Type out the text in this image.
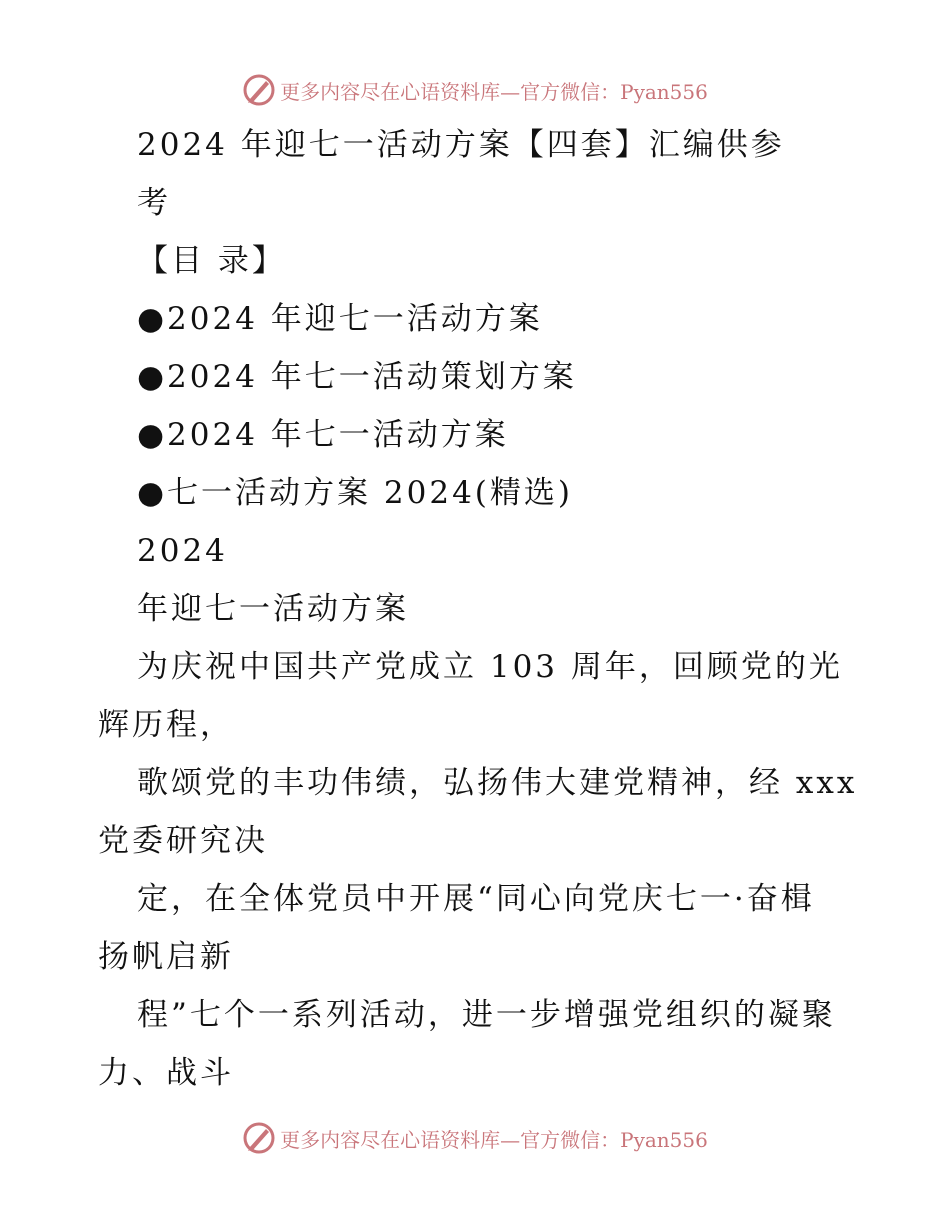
更多内容尽在心语资料库—官方微信：Pyan556
2024 年迎七一活动方案【四套】汇编供参
考
【目 录】
●2024 年迎七一活动方案
●2024 年七一活动策划方案
●2024 年七一活动方案
●七一活动方案 2024(精选)
2024
年迎七一活动方案
为庆祝中国共产党成立 103 周年，回顾党的光
辉历程，
歌颂党的丰功伟绩，弘扬伟大建党精神，经 xxx
党委研究决
定，在全体党员中开展“同心向党庆七一·奋楫
扬帆启新
程”七个一系列活动，进一步增强党组织的凝聚
力、战斗
更多内容尽在心语资料库—官方微信：Pyan556
